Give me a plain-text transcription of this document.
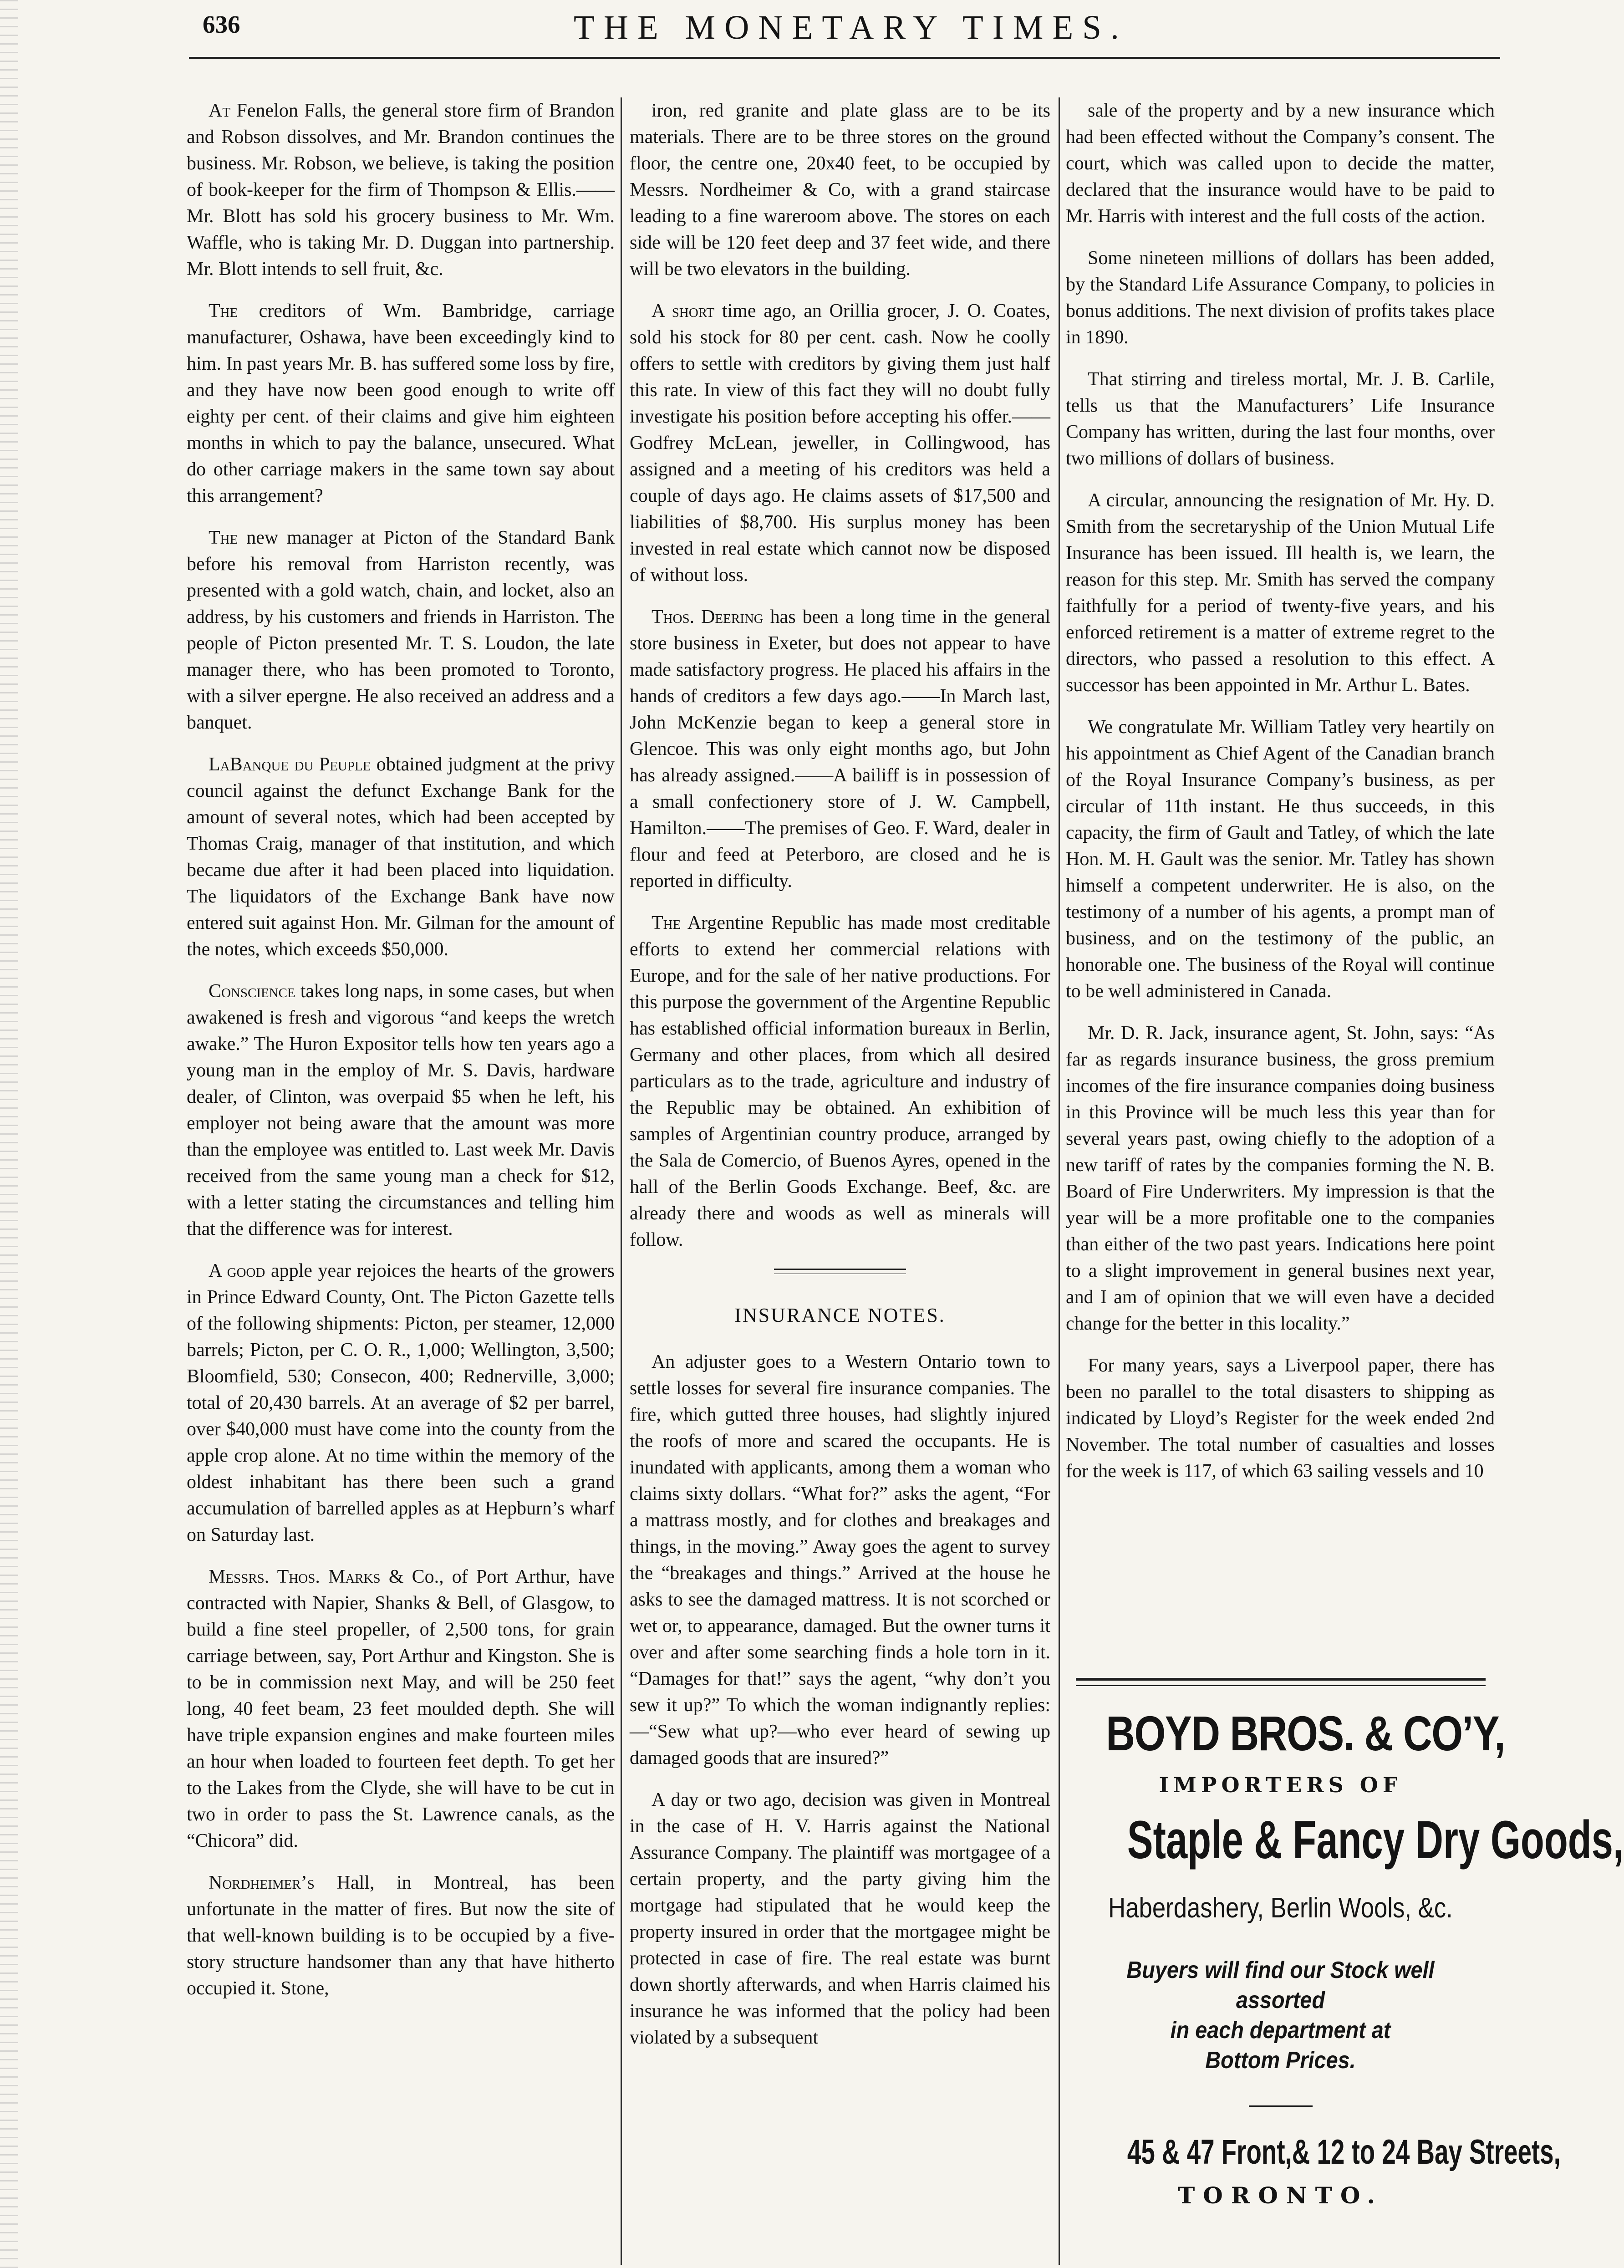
636	THE MONETARY TIMES.

At Fenelon Falls, the general store firm of Brandon and Robson dissolves, and Mr. Brandon continues the business. Mr. Robson, we believe, is taking the position of book-keeper for the firm of Thompson & Ellis.——Mr. Blott has sold his grocery business to Mr. Wm. Waffle, who is taking Mr. D. Duggan into partnership. Mr. Blott intends to sell fruit, &c.

The creditors of Wm. Bambridge, carriage manufacturer, Oshawa, have been exceedingly kind to him. In past years Mr. B. has suffered some loss by fire, and they have now been good enough to write off eighty per cent. of their claims and give him eighteen months in which to pay the balance, unsecured. What do other carriage makers in the same town say about this arrangement?

The new manager at Picton of the Standard Bank before his removal from Harriston recently, was presented with a gold watch, chain, and locket, also an address, by his customers and friends in Harriston. The people of Picton presented Mr. T. S. Loudon, the late manager there, who has been promoted to Toronto, with a silver epergne. He also received an address and a banquet.

LaBanque du Peuple obtained judgment at the privy council against the defunct Exchange Bank for the amount of several notes, which had been accepted by Thomas Craig, manager of that institution, and which became due after it had been placed into liquidation. The liquidators of the Exchange Bank have now entered suit against Hon. Mr. Gilman for the amount of the notes, which exceeds $50,000.

Conscience takes long naps, in some cases, but when awakened is fresh and vigorous “and keeps the wretch awake.” The Huron Expositor tells how ten years ago a young man in the employ of Mr. S. Davis, hardware dealer, of Clinton, was overpaid $5 when he left, his employer not being aware that the amount was more than the employee was entitled to. Last week Mr. Davis received from the same young man a check for $12, with a letter stating the circumstances and telling him that the difference was for interest.

A good apple year rejoices the hearts of the growers in Prince Edward County, Ont. The Picton Gazette tells of the following shipments: Picton, per steamer, 12,000 barrels; Picton, per C. O. R., 1,000; Wellington, 3,500; Bloomfield, 530; Consecon, 400; Rednerville, 3,000; total of 20,430 barrels. At an average of $2 per barrel, over $40,000 must have come into the county from the apple crop alone. At no time within the memory of the oldest inhabitant has there been such a grand accumulation of barrelled apples as at Hepburn’s wharf on Saturday last.

Messrs. Thos. Marks & Co., of Port Arthur, have contracted with Napier, Shanks & Bell, of Glasgow, to build a fine steel propeller, of 2,500 tons, for grain carriage between, say, Port Arthur and Kingston. She is to be in commission next May, and will be 250 feet long, 40 feet beam, 23 feet moulded depth. She will have triple expansion engines and make fourteen miles an hour when loaded to fourteen feet depth. To get her to the Lakes from the Clyde, she will have to be cut in two in order to pass the St. Lawrence canals, as the “Chicora” did.

Nordheimer’s Hall, in Montreal, has been unfortunate in the matter of fires. But now the site of that well-known building is to be occupied by a five-story structure handsomer than any that have hitherto occupied it. Stone,

iron, red granite and plate glass are to be its materials. There are to be three stores on the ground floor, the centre one, 20x40 feet, to be occupied by Messrs. Nordheimer & Co, with a grand staircase leading to a fine wareroom above. The stores on each side will be 120 feet deep and 37 feet wide, and there will be two elevators in the building.

A short time ago, an Orillia grocer, J. O. Coates, sold his stock for 80 per cent. cash. Now he coolly offers to settle with creditors by giving them just half this rate. In view of this fact they will no doubt fully investigate his position before accepting his offer.——Godfrey McLean, jeweller, in Collingwood, has assigned and a meeting of his creditors was held a couple of days ago. He claims assets of $17,500 and liabilities of $8,700. His surplus money has been invested in real estate which cannot now be disposed of without loss.

Thos. Deering has been a long time in the general store business in Exeter, but does not appear to have made satisfactory progress. He placed his affairs in the hands of creditors a few days ago.——In March last, John McKenzie began to keep a general store in Glencoe. This was only eight months ago, but John has already assigned.——A bailiff is in possession of a small confectionery store of J. W. Campbell, Hamilton.——The premises of Geo. F. Ward, dealer in flour and feed at Peterboro, are closed and he is reported in difficulty.

The Argentine Republic has made most creditable efforts to extend her commercial relations with Europe, and for the sale of her native productions. For this purpose the government of the Argentine Republic has established official information bureaux in Berlin, Germany and other places, from which all desired particulars as to the trade, agriculture and industry of the Republic may be obtained. An exhibition of samples of Argentinian country produce, arranged by the Sala de Comercio, of Buenos Ayres, opened in the hall of the Berlin Goods Exchange. Beef, &c. are already there and woods as well as minerals will follow.

INSURANCE NOTES.

An adjuster goes to a Western Ontario town to settle losses for several fire insurance companies. The fire, which gutted three houses, had slightly injured the roofs of more and scared the occupants. He is inundated with applicants, among them a woman who claims sixty dollars. “What for?” asks the agent, “For a mattrass mostly, and for clothes and breakages and things, in the moving.” Away goes the agent to survey the “breakages and things.” Arrived at the house he asks to see the damaged mattress. It is not scorched or wet or, to appearance, damaged. But the owner turns it over and after some searching finds a hole torn in it. “Damages for that!” says the agent, “why don’t you sew it up?” To which the woman indignantly replies:—“Sew what up?—who ever heard of sewing up damaged goods that are insured?”

A day or two ago, decision was given in Montreal in the case of H. V. Harris against the National Assurance Company. The plaintiff was mortgagee of a certain property, and the party giving him the mortgage had stipulated that he would keep the property insured in order that the mortgagee might be protected in case of fire. The real estate was burnt down shortly afterwards, and when Harris claimed his insurance he was informed that the policy had been violated by a subsequent

sale of the property and by a new insurance which had been effected without the Company’s consent. The court, which was called upon to decide the matter, declared that the insurance would have to be paid to Mr. Harris with interest and the full costs of the action.

Some nineteen millions of dollars has been added, by the Standard Life Assurance Company, to policies in bonus additions. The next division of profits takes place in 1890.

That stirring and tireless mortal, Mr. J. B. Carlile, tells us that the Manufacturers’ Life Insurance Company has written, during the last four months, over two millions of dollars of business.

A circular, announcing the resignation of Mr. Hy. D. Smith from the secretaryship of the Union Mutual Life Insurance has been issued. Ill health is, we learn, the reason for this step. Mr. Smith has served the company faithfully for a period of twenty-five years, and his enforced retirement is a matter of extreme regret to the directors, who passed a resolution to this effect. A successor has been appointed in Mr. Arthur L. Bates.

We congratulate Mr. William Tatley very heartily on his appointment as Chief Agent of the Canadian branch of the Royal Insurance Company’s business, as per circular of 11th instant. He thus succeeds, in this capacity, the firm of Gault and Tatley, of which the late Hon. M. H. Gault was the senior. Mr. Tatley has shown himself a competent underwriter. He is also, on the testimony of a number of his agents, a prompt man of business, and on the testimony of the public, an honorable one. The business of the Royal will continue to be well administered in Canada.

Mr. D. R. Jack, insurance agent, St. John, says: “As far as regards insurance business, the gross premium incomes of the fire insurance companies doing business in this Province will be much less this year than for several years past, owing chiefly to the adoption of a new tariff of rates by the companies forming the N. B. Board of Fire Underwriters. My impression is that the year will be a more profitable one to the companies than either of the two past years. Indications here point to a slight improvement in general busines next year, and I am of opinion that we will even have a decided change for the better in this locality.”

For many years, says a Liverpool paper, there has been no parallel to the total disasters to shipping as indicated by Lloyd’s Register for the week ended 2nd November. The total number of casualties and losses for the week is 117, of which 63 sailing vessels and 10

BOYD BROS. & CO’Y,
IMPORTERS OF
Staple & Fancy Dry Goods,
Haberdashery, Berlin Wools, &c.
Buyers will find our Stock well assorted
in each department at
Bottom Prices.
45 & 47 Front,& 12 to 24 Bay Streets,
TORONTO.
